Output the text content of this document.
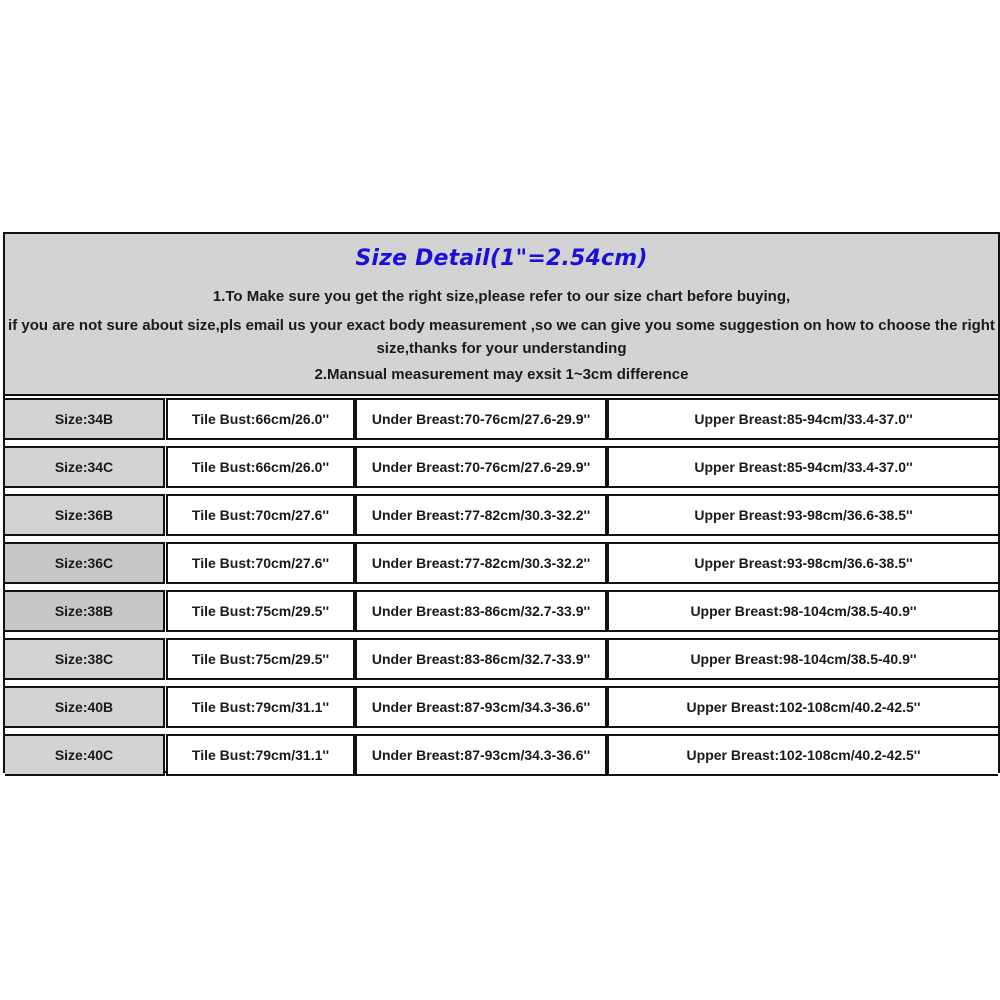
Size Detail(1"=2.54cm)
1.To Make sure you get the right size,please refer to our size chart before buying,
if you are not sure about size,pls email us your exact body measurement ,so we can give you some suggestion on how to choose the right size,thanks for your understanding
2.Mansual measurement may exsit 1~3cm difference
Size:34B	Tile Bust:66cm/26.0''	Under Breast:70-76cm/27.6-29.9''	Upper Breast:85-94cm/33.4-37.0''
Size:34C	Tile Bust:66cm/26.0''	Under Breast:70-76cm/27.6-29.9''	Upper Breast:85-94cm/33.4-37.0''
Size:36B	Tile Bust:70cm/27.6''	Under Breast:77-82cm/30.3-32.2''	Upper Breast:93-98cm/36.6-38.5''
Size:36C	Tile Bust:70cm/27.6''	Under Breast:77-82cm/30.3-32.2''	Upper Breast:93-98cm/36.6-38.5''
Size:38B	Tile Bust:75cm/29.5''	Under Breast:83-86cm/32.7-33.9''	Upper Breast:98-104cm/38.5-40.9''
Size:38C	Tile Bust:75cm/29.5''	Under Breast:83-86cm/32.7-33.9''	Upper Breast:98-104cm/38.5-40.9''
Size:40B	Tile Bust:79cm/31.1''	Under Breast:87-93cm/34.3-36.6''	Upper Breast:102-108cm/40.2-42.5''
Size:40C	Tile Bust:79cm/31.1''	Under Breast:87-93cm/34.3-36.6''	Upper Breast:102-108cm/40.2-42.5''
